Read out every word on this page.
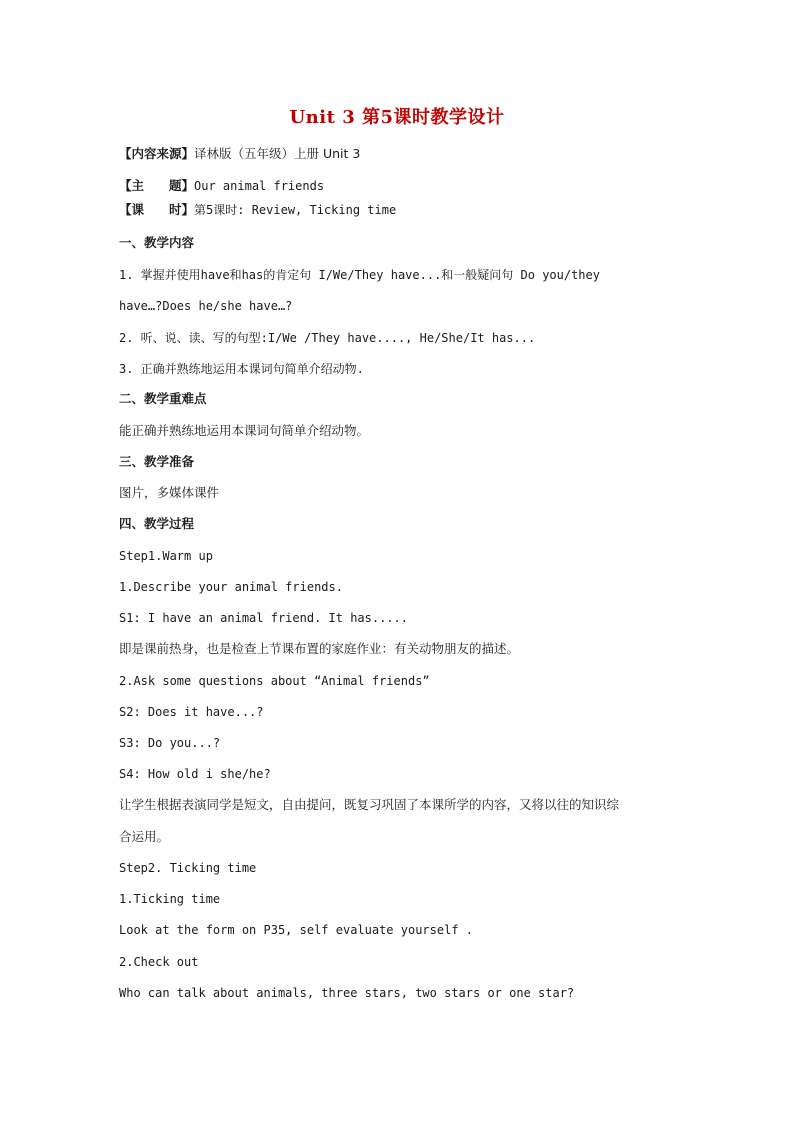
Unit 3 第5课时教学设计
【内容来源】译林版（五年级）上册 Unit 3
【主　　题】Our animal friends
【课　　时】第5课时: Review, Ticking time
一、教学内容
1. 掌握并使用have和has的肯定句 I/We/They have...和一般疑问句 Do you/they
have…?Does he/she have…?
2. 听、说、读、写的句型:I/We /They have...., He/She/It has...
3. 正确并熟练地运用本课词句简单介绍动物.
二、教学重难点
能正确并熟练地运用本课词句简单介绍动物。
三、教学准备
图片，多媒体课件
四、教学过程
Step1.Warm up
1.Describe your animal friends.
S1: I have an animal friend. It has.....
即是课前热身，也是检查上节课布置的家庭作业：有关动物朋友的描述。
2.Ask some questions about “Animal friends”
S2: Does it have...?
S3: Do you...?
S4: How old i she/he?
让学生根据表演同学是短文，自由提问，既复习巩固了本课所学的内容，又将以往的知识综
合运用。
Step2. Ticking time
1.Ticking time
Look at the form on P35, self evaluate yourself .
2.Check out
Who can talk about animals, three stars, two stars or one star?
